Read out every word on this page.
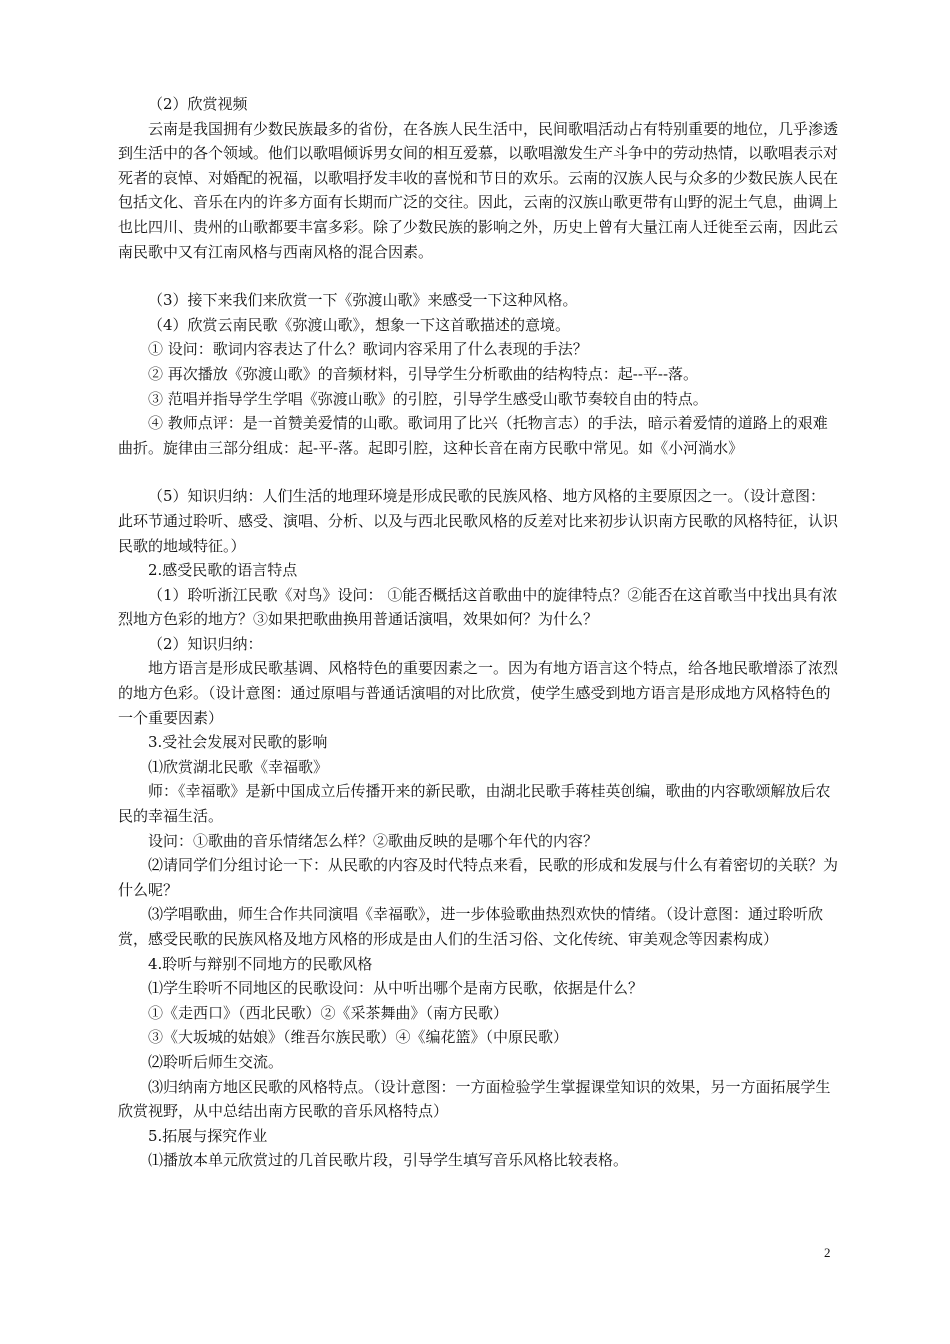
（2）欣赏视频

云南是我国拥有少数民族最多的省份，在各族人民生活中，民间歌唱活动占有特别重要的地位，几乎渗透到生活中的各个领域。他们以歌唱倾诉男女间的相互爱慕，以歌唱激发生产斗争中的劳动热情，以歌唱表示对死者的哀悼、对婚配的祝福，以歌唱抒发丰收的喜悦和节日的欢乐。云南的汉族人民与众多的少数民族人民在包括文化、音乐在内的许多方面有长期而广泛的交往。因此，云南的汉族山歌更带有山野的泥土气息，曲调上也比四川、贵州的山歌都要丰富多彩。除了少数民族的影响之外，历史上曾有大量江南人迁徙至云南，因此云南民歌中又有江南风格与西南风格的混合因素。

（3）接下来我们来欣赏一下《弥渡山歌》来感受一下这种风格。

（4）欣赏云南民歌《弥渡山歌》，想象一下这首歌描述的意境。

① 设问：歌词内容表达了什么？歌词内容采用了什么表现的手法？

② 再次播放《弥渡山歌》的音频材料，引导学生分析歌曲的结构特点：起--平--落。

③ 范唱并指导学生学唱《弥渡山歌》的引腔，引导学生感受山歌节奏较自由的特点。

④ 教师点评：是一首赞美爱情的山歌。歌词用了比兴（托物言志）的手法，暗示着爱情的道路上的艰难曲折。旋律由三部分组成：起-平-落。起即引腔，这种长音在南方民歌中常见。如《小河淌水》

（5）知识归纳：人们生活的地理环境是形成民歌的民族风格、地方风格的主要原因之一。（设计意图：此环节通过聆听、感受、演唱、分析、以及与西北民歌风格的反差对比来初步认识南方民歌的风格特征，认识民歌的地域特征。）

2.感受民歌的语言特点

（1）聆听浙江民歌《对鸟》设问： ①能否概括这首歌曲中的旋律特点？②能否在这首歌当中找出具有浓烈地方色彩的地方？③如果把歌曲换用普通话演唱，效果如何？为什么？

（2）知识归纳：

地方语言是形成民歌基调、风格特色的重要因素之一。因为有地方语言这个特点，给各地民歌增添了浓烈的地方色彩。（设计意图：通过原唱与普通话演唱的对比欣赏，使学生感受到地方语言是形成地方风格特色的一个重要因素）

3.受社会发展对民歌的影响

⑴欣赏湖北民歌《幸福歌》

师：《幸福歌》是新中国成立后传播开来的新民歌，由湖北民歌手蒋桂英创编，歌曲的内容歌颂解放后农民的幸福生活。

设问：①歌曲的音乐情绪怎么样？②歌曲反映的是哪个年代的内容？

⑵请同学们分组讨论一下：从民歌的内容及时代特点来看，民歌的形成和发展与什么有着密切的关联？为什么呢？

⑶学唱歌曲，师生合作共同演唱《幸福歌》，进一步体验歌曲热烈欢快的情绪。（设计意图：通过聆听欣赏，感受民歌的民族风格及地方风格的形成是由人们的生活习俗、文化传统、审美观念等因素构成）

4.聆听与辩别不同地方的民歌风格

⑴学生聆听不同地区的民歌设问：从中听出哪个是南方民歌，依据是什么？

①《走西口》（西北民歌）②《采茶舞曲》（南方民歌）

③《大坂城的姑娘》（维吾尔族民歌）④《编花篮》（中原民歌）

⑵聆听后师生交流。

⑶归纳南方地区民歌的风格特点。（设计意图：一方面检验学生掌握课堂知识的效果，另一方面拓展学生欣赏视野，从中总结出南方民歌的音乐风格特点）

5.拓展与探究作业

⑴播放本单元欣赏过的几首民歌片段，引导学生填写音乐风格比较表格。

2
